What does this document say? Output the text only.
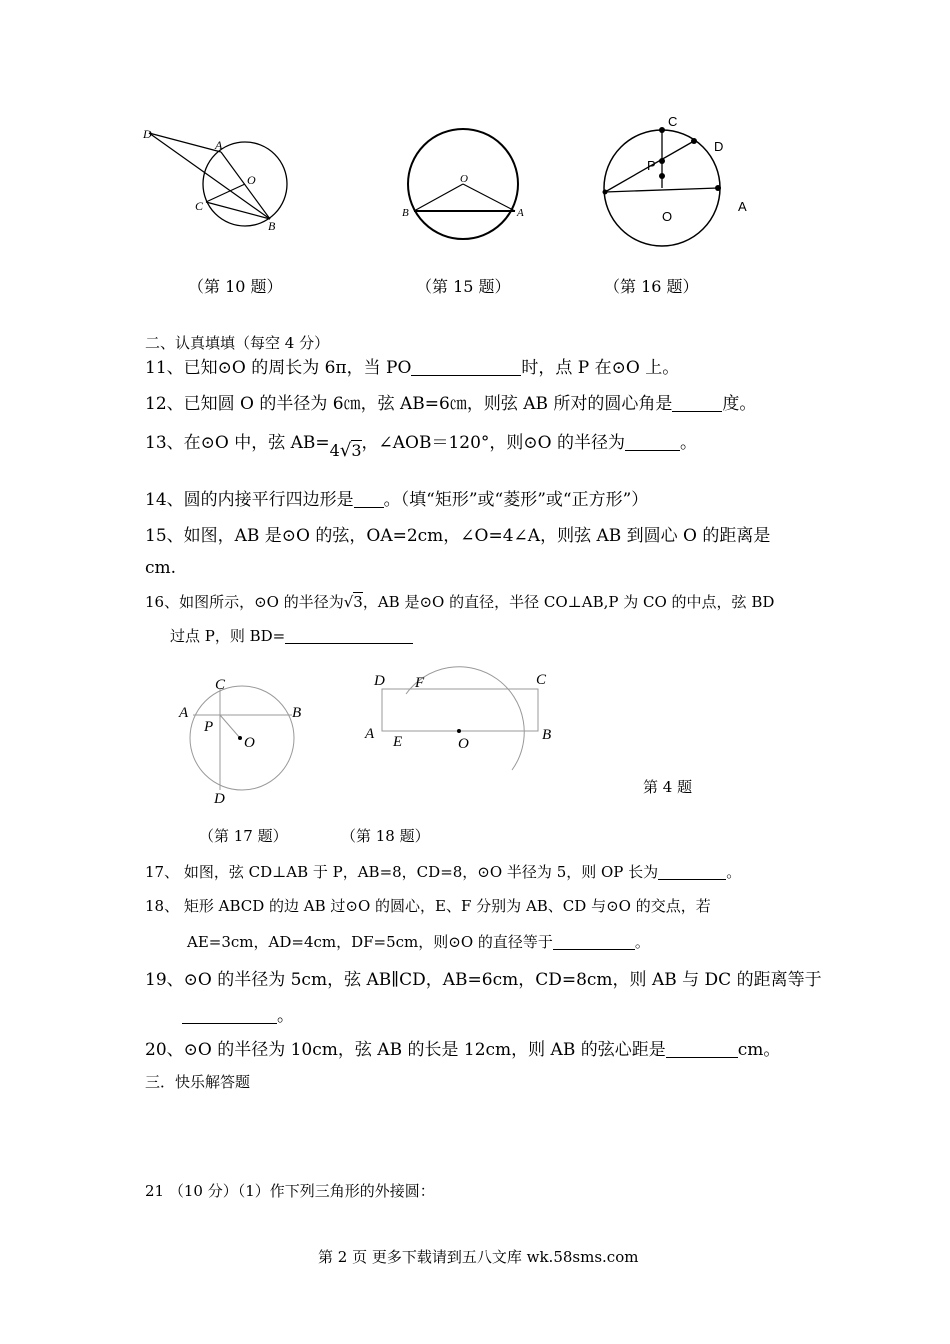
D
A
O
C
B
（第 10 题）
O
B	A
（第 15 题）
C
D
P
O
A
（第 16 题）
二、认真填填（每空 4 分）
11、已知⊙O 的周长为 6π，当 PO	时，点 P 在⊙O 上。
12、已知圆 O 的半径为 6㎝，弦 AB=6㎝，则弦 AB 所对的圆心角是	度。
13、在⊙O 中，弦 AB=4√3，∠AOB＝120°，则⊙O 的半径为	。
14、圆的内接平行四边形是 。（填“矩形”或“菱形”或“正方形”）
15、如图，AB 是⊙O 的弦，OA=2cm，∠O=4∠A，则弦 AB 到圆心 O 的距离是
cm.
16、如图所示，⊙O 的半径为√3，AB 是⊙O 的直径，半径 CO⊥AB,P 为 CO 的中点，弦 BD
过点 P，则 BD=
C
A	B
P
O
D
（第 17 题）
D F	C
A E	O
B
（第 18 题）
第 4 题
17、 如图，弦 CD⊥AB 于 P，AB=8，CD=8，⊙O 半径为 5，则 OP 长为	。
18、 矩形 ABCD 的边 AB 过⊙O 的圆心，E、F 分别为 AB、CD 与⊙O 的交点，若
AE=3cm，AD=4cm，DF=5cm，则⊙O 的直径等于	。
19、⊙O 的半径为 5cm，弦 AB∥CD，AB=6cm，CD=8cm，则 AB 与 DC 的距离等于
。
20、⊙O 的半径为 10cm，弦 AB 的长是 12cm，则 AB 的弦心距是	cm。
三．快乐解答题
21 （10 分）（1）作下列三角形的外接圆：
第 2 页 更多下载请到五八文库 wk.58sms.com
